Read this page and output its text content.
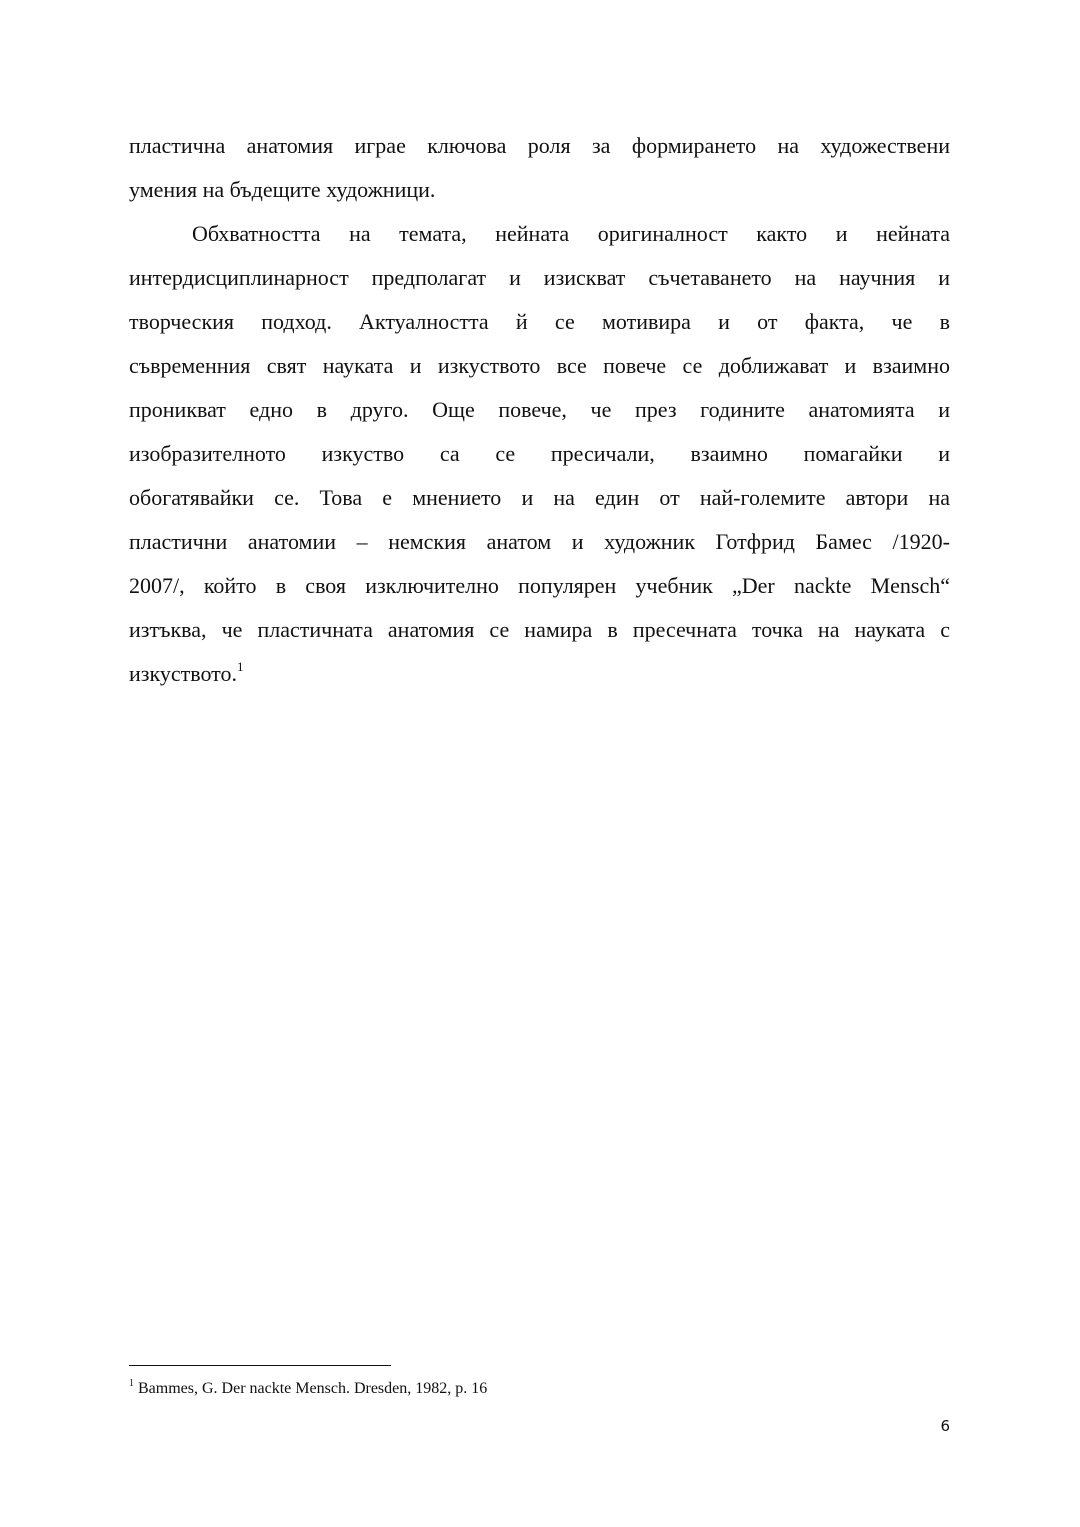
пластична анатомия играе ключова роля за формирането на художествени
умения на бъдещите художници.
Обхватността на темата, нейната оригиналност както и нейната
интердисциплинарност предполагат и изискват съчетаването на научния и
творческия подход. Актуалността й се мотивира и от факта, че в
съвременния свят науката и изкуството все повече се доближават и взаимно
проникват едно в друго. Още повече, че през годините анатомията и
изобразителното изкуство са се пресичали, взаимно помагайки и
обогатявайки се. Това е мнението и на един от най-големите автори на
пластични анатомии – немския анатом и художник Готфрид Бамес /1920-
2007/, който в своя изключително популярен учебник „Der nackte Mensch“
изтъква, че пластичната анатомия се намира в пресечната точка на науката с
изкуството.$^1$
$^1$ Bammes, G. Der nackte Mensch. Dresden, 1982, p. 16
6
